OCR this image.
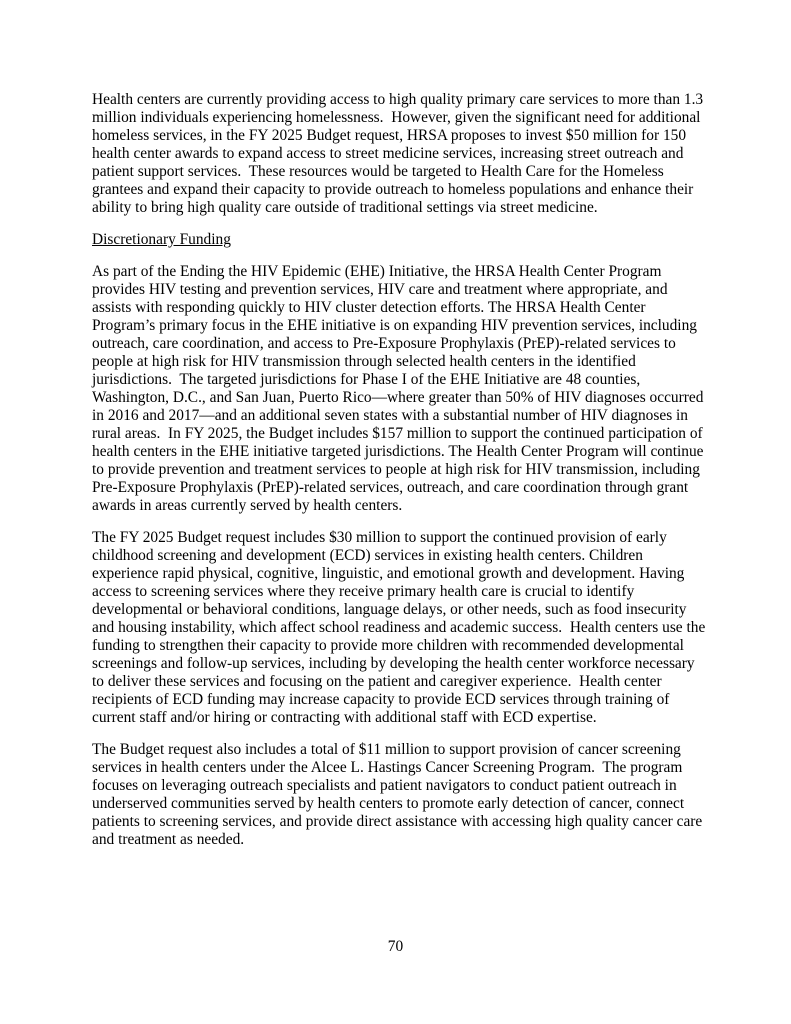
Health centers are currently providing access to high quality primary care services to more than 1.3 million individuals experiencing homelessness.  However, given the significant need for additional homeless services, in the FY 2025 Budget request, HRSA proposes to invest $50 million for 150 health center awards to expand access to street medicine services, increasing street outreach and patient support services.  These resources would be targeted to Health Care for the Homeless grantees and expand their capacity to provide outreach to homeless populations and enhance their ability to bring high quality care outside of traditional settings via street medicine.

Discretionary Funding

As part of the Ending the HIV Epidemic (EHE) Initiative, the HRSA Health Center Program provides HIV testing and prevention services, HIV care and treatment where appropriate, and assists with responding quickly to HIV cluster detection efforts. The HRSA Health Center Program’s primary focus in the EHE initiative is on expanding HIV prevention services, including outreach, care coordination, and access to Pre-Exposure Prophylaxis (PrEP)-related services to people at high risk for HIV transmission through selected health centers in the identified jurisdictions.  The targeted jurisdictions for Phase I of the EHE Initiative are 48 counties, Washington, D.C., and San Juan, Puerto Rico—where greater than 50% of HIV diagnoses occurred in 2016 and 2017—and an additional seven states with a substantial number of HIV diagnoses in rural areas.  In FY 2025, the Budget includes $157 million to support the continued participation of health centers in the EHE initiative targeted jurisdictions. The Health Center Program will continue to provide prevention and treatment services to people at high risk for HIV transmission, including Pre-Exposure Prophylaxis (PrEP)-related services, outreach, and care coordination through grant awards in areas currently served by health centers.

The FY 2025 Budget request includes $30 million to support the continued provision of early childhood screening and development (ECD) services in existing health centers. Children experience rapid physical, cognitive, linguistic, and emotional growth and development. Having access to screening services where they receive primary health care is crucial to identify developmental or behavioral conditions, language delays, or other needs, such as food insecurity and housing instability, which affect school readiness and academic success.  Health centers use the funding to strengthen their capacity to provide more children with recommended developmental screenings and follow-up services, including by developing the health center workforce necessary to deliver these services and focusing on the patient and caregiver experience.  Health center recipients of ECD funding may increase capacity to provide ECD services through training of current staff and/or hiring or contracting with additional staff with ECD expertise.

The Budget request also includes a total of $11 million to support provision of cancer screening services in health centers under the Alcee L. Hastings Cancer Screening Program.  The program focuses on leveraging outreach specialists and patient navigators to conduct patient outreach in underserved communities served by health centers to promote early detection of cancer, connect patients to screening services, and provide direct assistance with accessing high quality cancer care and treatment as needed.

70
